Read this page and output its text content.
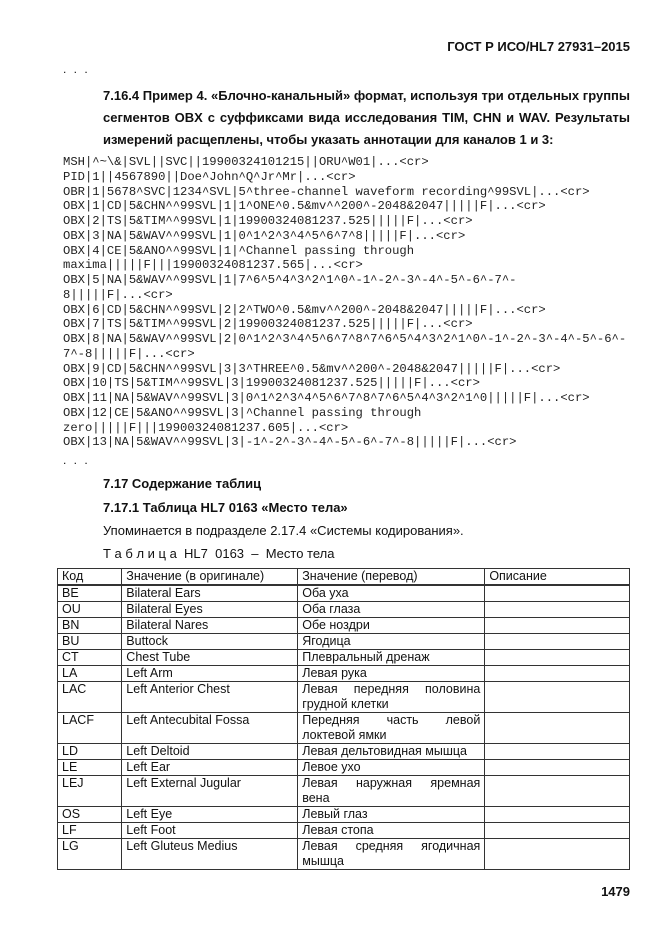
ГОСТ Р ИСО/HL7 27931–2015
. . .
7.16.4 Пример 4. «Блочно-канальный» формат, используя три отдельных группы сегментов OBX с суффиксами вида исследования TIM, CHN и WAV. Результаты измерений расщеплены, чтобы указать аннотации для каналов 1 и 3:
MSH|^~\&|SVL||SVC||19900324101215||ORU^W01|...<cr>
PID|1||4567890||Doe^John^Q^Jr^Mr|...<cr>
OBR|1|5678^SVC|1234^SVL|5^three-channel waveform recording^99SVL|...<cr>
OBX|1|CD|5&CHN^^99SVL|1|1^ONE^0.5&mv^^200^-2048&2047|||||F|...<cr>
OBX|2|TS|5&TIM^^99SVL|1|19900324081237.525|||||F|...<cr>
OBX|3|NA|5&WAV^^99SVL|1|0^1^2^3^4^5^6^7^8|||||F|...<cr>
OBX|4|CE|5&ANO^^99SVL|1|^Channel passing through
maxima|||||F|||19900324081237.565|...<cr>
OBX|5|NA|5&WAV^^99SVL|1|7^6^5^4^3^2^1^0^-1^-2^-3^-4^-5^-6^-7^-
8|||||F|...<cr>
OBX|6|CD|5&CHN^^99SVL|2|2^TWO^0.5&mv^^200^-2048&2047|||||F|...<cr>
OBX|7|TS|5&TIM^^99SVL|2|19900324081237.525|||||F|...<cr>
OBX|8|NA|5&WAV^^99SVL|2|0^1^2^3^4^5^6^7^8^7^6^5^4^3^2^1^0^-1^-2^-3^-4^-5^-6^-
7^-8|||||F|...<cr>
OBX|9|CD|5&CHN^^99SVL|3|3^THREE^0.5&mv^^200^-2048&2047|||||F|...<cr>
OBX|10|TS|5&TIM^^99SVL|3|19900324081237.525|||||F|...<cr>
OBX|11|NA|5&WAV^^99SVL|3|0^1^2^3^4^5^6^7^8^7^6^5^4^3^2^1^0|||||F|...<cr>
OBX|12|CE|5&ANO^^99SVL|3|^Channel passing through
zero|||||F|||19900324081237.605|...<cr>
OBX|13|NA|5&WAV^^99SVL|3|-1^-2^-3^-4^-5^-6^-7^-8|||||F|...<cr>
. . .
7.17 Содержание таблиц
7.17.1 Таблица HL7 0163 «Место тела»
Упоминается в подразделе 2.17.4 «Системы кодирования».
Т а б л и ц а  HL7  0163  –  Место тела
Код	Значение (в оригинале)	Значение (перевод)	Описание
BE	Bilateral Ears	Оба уха	
OU	Bilateral Eyes	Оба глаза	
BN	Bilateral Nares	Обе ноздри	
BU	Buttock	Ягодица	
CT	Chest Tube	Плевральный дренаж	
LA	Left Arm	Левая рука	
LAC	Left Anterior Chest	Левая передняя половина грудной клетки	
LACF	Left Antecubital Fossa	Передняя часть левой локтевой ямки	
LD	Left Deltoid	Левая дельтовидная мышца	
LE	Left Ear	Левое ухо	
LEJ	Left External Jugular	Левая наружная яремная вена	
OS	Left Eye	Левый глаз	
LF	Left Foot	Левая стопа	
LG	Left Gluteus Medius	Левая средняя ягодичная мышца	
1479
